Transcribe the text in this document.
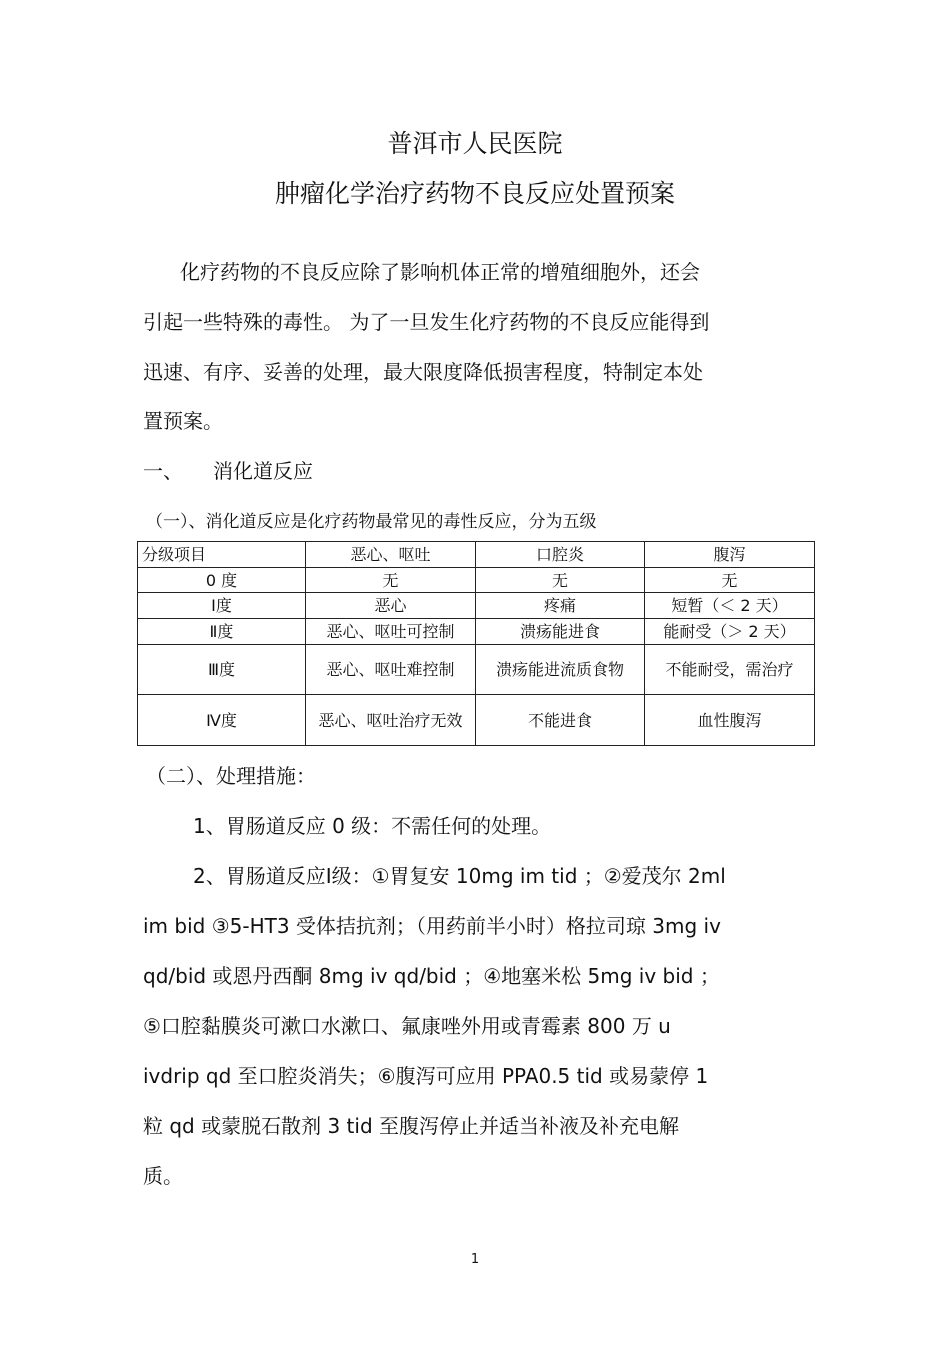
普洱市人民医院
肿瘤化学治疗药物不良反应处置预案
化疗药物的不良反应除了影响机体正常的增殖细胞外，还会
引起一些特殊的毒性。 为了一旦发生化疗药物的不良反应能得到
迅速、有序、妥善的处理，最大限度降低损害程度，特制定本处
置预案。
一、 消化道反应
（一）、消化道反应是化疗药物最常见的毒性反应，分为五级
分级项目	恶心、呕吐	口腔炎	腹泻
0 度	无	无	无
Ⅰ度	恶心	疼痛	短暂（＜ 2 天）
Ⅱ度	恶心、呕吐可控制	溃疡能进食	能耐受（＞ 2 天）
Ⅲ度	恶心、呕吐难控制	溃疡能进流质食物	不能耐受，需治疗
Ⅳ度	恶心、呕吐治疗无效	不能进食	血性腹泻
（二）、处理措施：
1、胃肠道反应 0 级：不需任何的处理。
2、胃肠道反应Ⅰ级：①胃复安 10mg im tid ；②爱茂尔 2ml
im bid ③5-HT3 受体拮抗剂；（用药前半小时）格拉司琼 3mg iv
qd/bid 或恩丹西酮 8mg iv qd/bid ；④地塞米松 5mg iv bid ；
⑤口腔黏膜炎可漱口水漱口、氟康唑外用或青霉素 800 万 u
ivdrip qd 至口腔炎消失；⑥腹泻可应用 PPA0.5 tid 或易蒙停 1
粒 qd 或蒙脱石散剂 3 tid 至腹泻停止并适当补液及补充电解
质。
1
